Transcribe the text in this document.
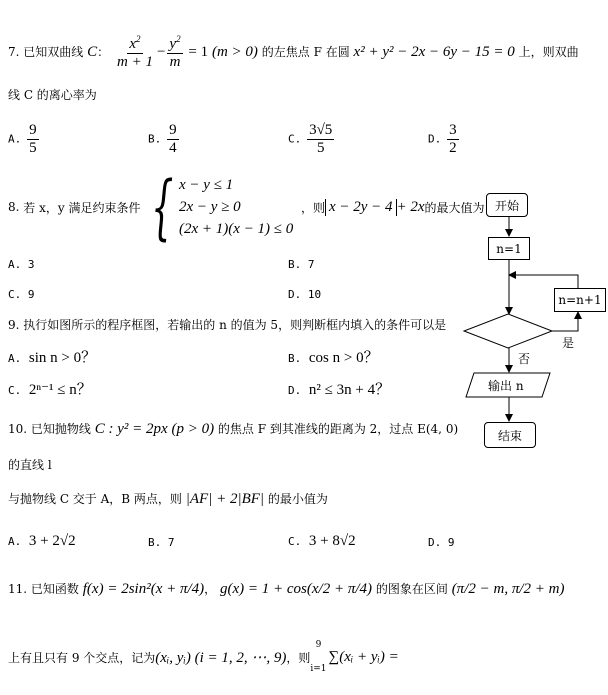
7. 已知双曲线 C： $\frac{x^2}{m + 1} - \frac{y^2}{m} = 1$ (m > 0) 的左焦点 F 在圆 x² + y² − 2x − 6y − 15 = 0 上，则双曲
线 C 的离心率为
A. $\frac{9}{5}$	B. $\frac{9}{4}$	C. $\frac{3√5}{5}$	D. $\frac{3}{2}$
8.
若 x，y 满足约束条件 { x − y ≤ 1
2x − y ≥ 0
(2x + 1)(x − 1) ≤ 0

，则 x − 2y − 4 + 2x 的最大值为
A. 3	B. 7
C. 9	D. 10
9. 执行如图所示的程序框图，若输出的 n 的值为 5，则判断框内填入的条件可以是
A. sin n > 0？	B. cos n > 0？
C. 2ⁿ⁻¹ ≤ n？	D. n² ≤ 3n + 4？
10. 已知抛物线 C : y² = 2px (p > 0) 的焦点 F 到其准线的距离为 2，过点 E(4, 0)
的直线 l
与抛物线 C 交于 A，B 两点，则 |AF| + 2|BF| 的最小值为
A. 3 + 2√2	B. 7	C. 3 + 8√2	D. 9
11. 已知函数 f(x) = 2sin²(x + π/4)， g(x) = 1 + cos(x/2 + π/4) 的图象在区间 (π/2 − m, π/2 + m)
上有且只有 9 个交点，记为 (xᵢ, yᵢ) (i = 1, 2, ⋯, 9) ，则
9
i=1
∑(xᵢ + yᵢ) =
开始
n=1
n=n+1
是
否
输出 n
结束
